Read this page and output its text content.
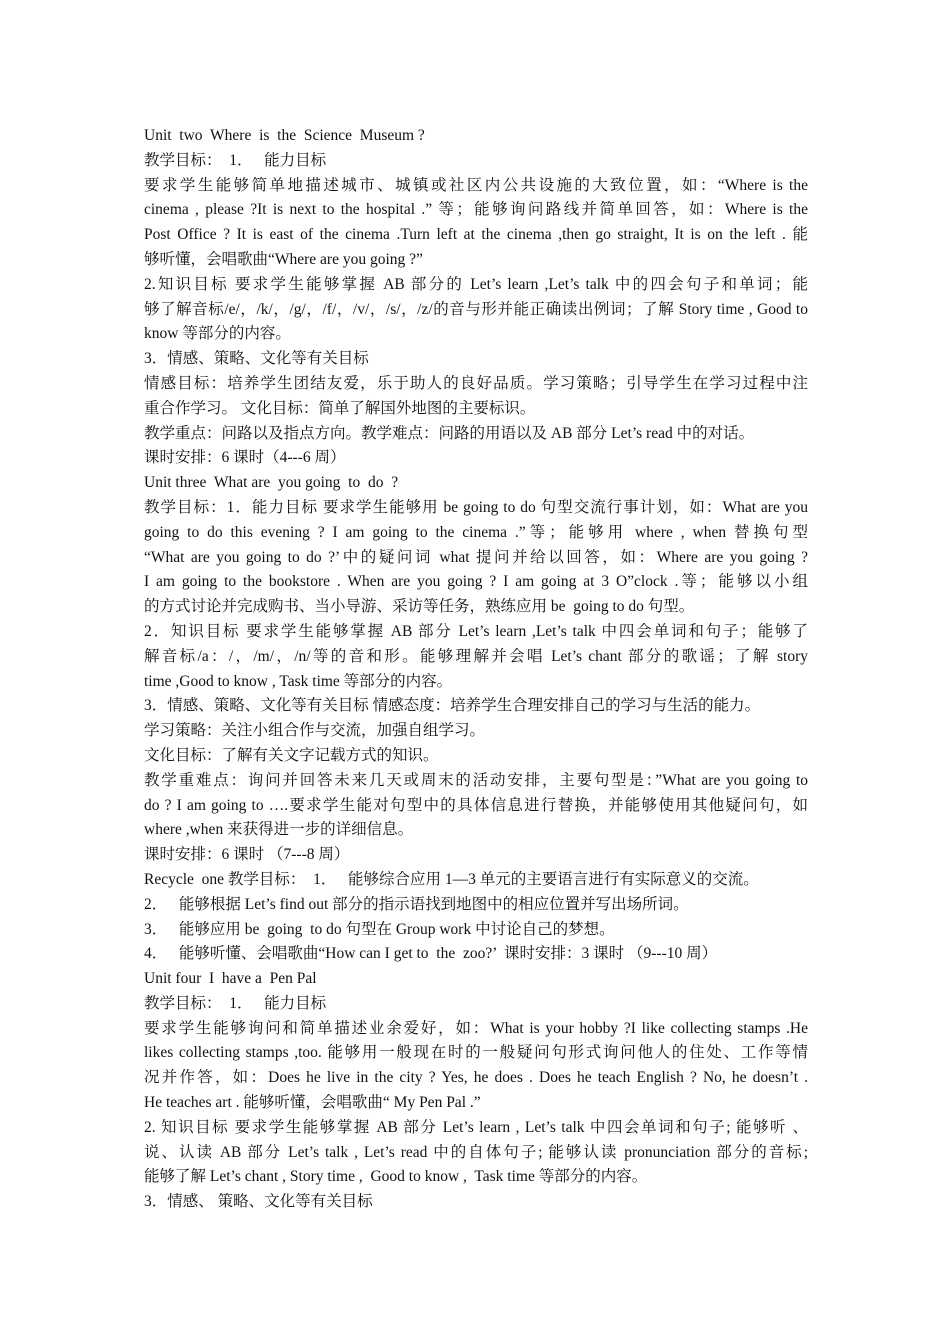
Unit  two  Where  is  the  Science  Museum ?
教学目标：  1．   能力目标
要求学生能够简单地描述城市、城镇或社区内公共设施的大致位置，如：“Where is the
cinema , please ?It is next to the hospital .” 等；能够询问路线并简单回答，如：Where is the
Post Office ? It is east of the cinema .Turn left at the cinema ,then go straight, It is on the left . 能
够听懂，会唱歌曲“Where are you going ?”
2.知识目标 要求学生能够掌握 AB 部分的 Let’s learn ,Let’s talk 中的四会句子和单词；能
够了解音标/e/，/k/，/g/，/f/，/v/，/s/，/z/的音与形并能正确读出例词；了解 Story time , Good to
know 等部分的内容。
3．情感、策略、文化等有关目标
情感目标：培养学生团结友爱，乐于助人的良好品质。学习策略；引导学生在学习过程中注
重合作学习。 文化目标：简单了解国外地图的主要标识。
教学重点：问路以及指点方向。教学难点：问路的用语以及 AB 部分 Let’s read 中的对话。
课时安排：6 课时（4---6 周）
Unit three  What are  you going  to  do  ?
教学目标：1．能力目标 要求学生能够用 be going to do 句型交流行事计划，如：What are you
going to do this evening ? I am going to the cinema .”等；能够用 where , when 替换句型
“What are you going to do ?’中的疑问词 what 提问并给以回答，如：Where are you going ?
I am going to the bookstore . When are you going ? I am going at 3 O”clock .等；能够以小组
的方式讨论并完成购书、当小导游、采访等任务，熟练应用 be  going to do 句型。
2．知识目标 要求学生能够掌握 AB 部分 Let’s learn ,Let’s talk 中四会单词和句子；能够了
解音标/a：/，/m/，/n/等的音和形。能够理解并会唱 Let’s chant 部分的歌谣；了解 story
time ,Good to know , Task time 等部分的内容。
3．情感、策略、文化等有关目标 情感态度：培养学生合理安排自己的学习与生活的能力。
学习策略：关注小组合作与交流，加强自组学习。
文化目标：了解有关文字记载方式的知识。
教学重难点：询问并回答未来几天或周末的活动安排，主要句型是：”What are you going to
do ? I am going to ….要求学生能对句型中的具体信息进行替换，并能够使用其他疑问句，如
where ,when 来获得进一步的详细信息。
课时安排：6 课时 （7---8 周）
Recycle  one 教学目标：  1．   能够综合应用 1—3 单元的主要语言进行有实际意义的交流。
2．   能够根据 Let’s find out 部分的指示语找到地图中的相应位置并写出场所词。
3．   能够应用 be  going  to do 句型在 Group work 中讨论自己的梦想。
4．   能够听懂、会唱歌曲“How can I get to  the  zoo?’  课时安排：3 课时 （9---10 周）
Unit four  I  have a  Pen Pal
教学目标：  1．   能力目标
要求学生能够询问和简单描述业余爱好，如：What is your hobby ?I like collecting stamps .He
likes collecting stamps ,too. 能够用一般现在时的一般疑问句形式询问他人的住处、工作等情
况并作答，如：Does he live in the city ? Yes, he does . Does he teach English ? No, he doesn’t .
He teaches art . 能够听懂，会唱歌曲“ My Pen Pal .”
2. 知识目标 要求学生能够掌握 AB 部分 Let’s learn , Let’s talk 中四会单词和句子; 能够听 、
说、认读 AB 部分 Let’s talk , Let’s read 中的自体句子; 能够认读 pronunciation 部分的音标;
能够了解 Let’s chant , Story time ,  Good to know ,  Task time 等部分的内容。
3．情感、 策略、文化等有关目标
